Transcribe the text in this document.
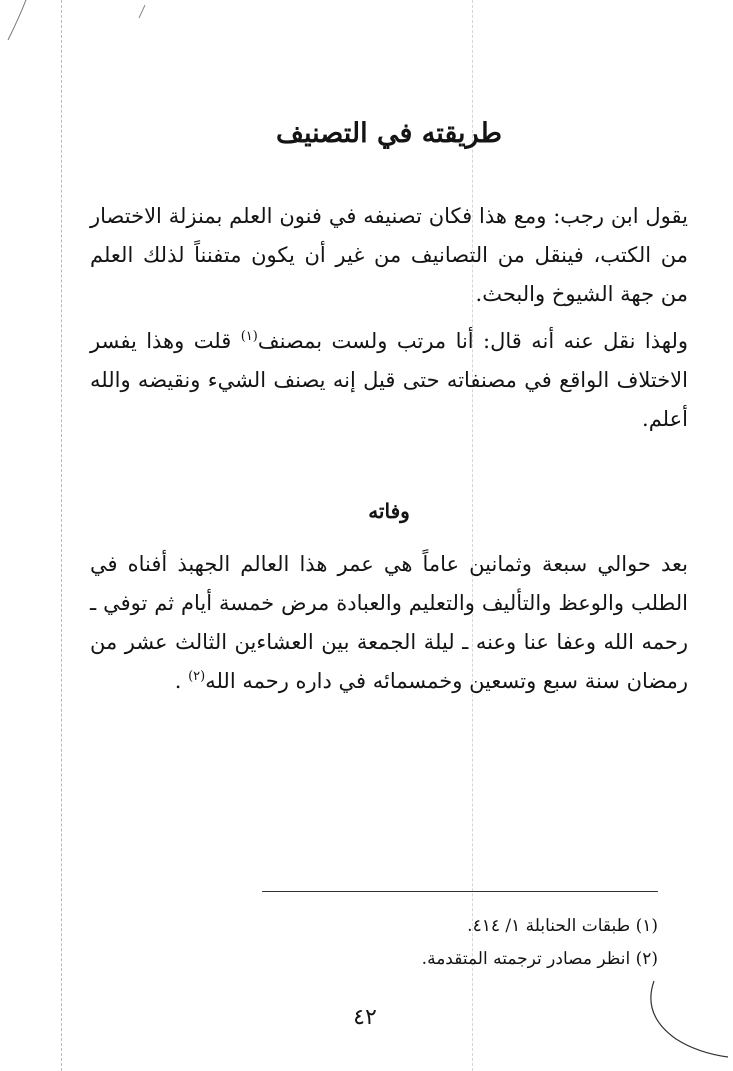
طريقته في التصنيف

يقول ابن رجب: ومع هذا فكان تصنيفه في فنون العلم بمنزلة الاختصار من الكتب، فينقل من التصانيف من غير أن يكون متفنناً لذلك العلم من جهة الشيوخ والبحث.

ولهذا نقل عنه أنه قال: أنا مرتب ولست بمصنف$^{(١)}$ قلت وهذا يفسر الاختلاف الواقع في مصنفاته حتى قيل إنه يصنف الشيء ونقيضه والله أعلم.

وفاته

بعد حوالي سبعة وثمانين عاماً هي عمر هذا العالم الجهبذ أفناه في الطلب والوعظ والتأليف والتعليم والعبادة مرض خمسة أيام ثم توفي ـ رحمه الله وعفا عنا وعنه ـ ليلة الجمعة بين العشاءين الثالث عشر من رمضان سنة سبع وتسعين وخمسمائه في داره رحمه الله$^{(٢)}$ .

(١) طبقات الحنابلة ١/ ٤١٤.

(٢) انظر مصادر ترجمته المتقدمة.

٤٢
